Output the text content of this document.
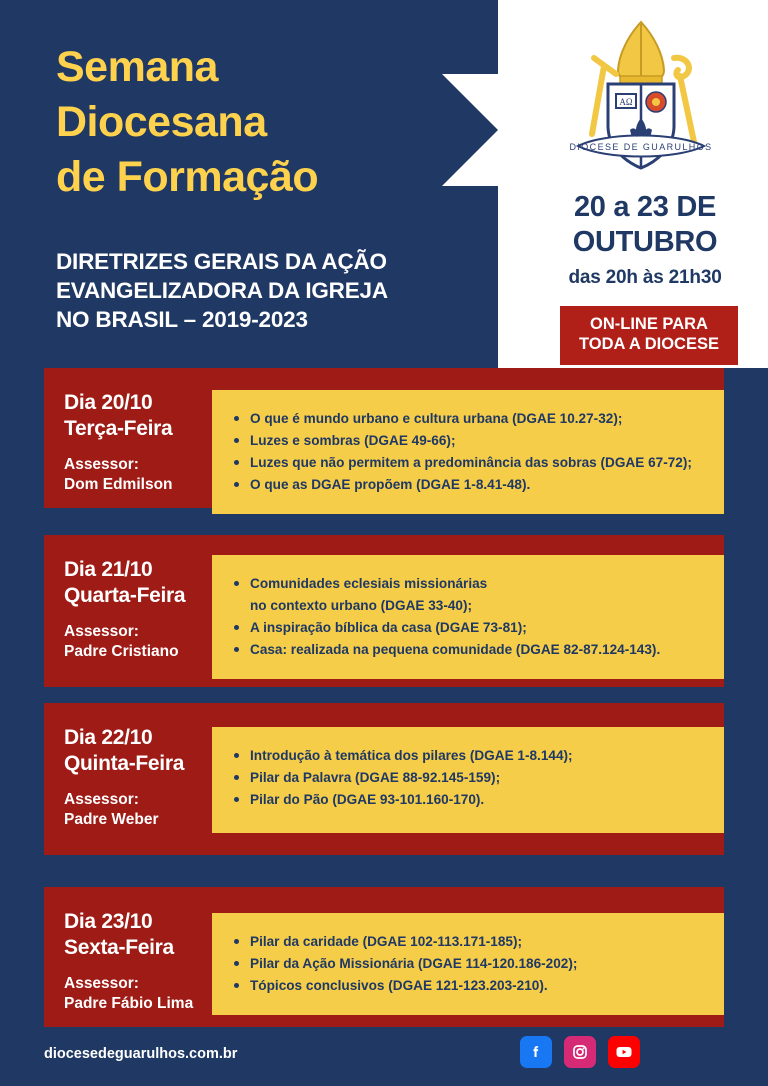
Semana
Diocesana
de Formação
DIRETRIZES GERAIS DA AÇÃO
EVANGELIZADORA DA IGREJA
NO BRASIL – 2019-2023
AΩ
DIOCESE DE GUARULHOS
20 a 23 DE
OUTUBRO
das 20h às 21h30
ON-LINE PARA
TODA A DIOCESE
Dia 20/10
Terça-Feira
Assessor:
Dom Edmilson
O que é mundo urbano e cultura urbana (DGAE 10.27-32);
Luzes e sombras (DGAE 49-66);
Luzes que não permitem a predominância das sobras (DGAE 67-72);
O que as DGAE propõem (DGAE 1-8.41-48).
Dia 21/10
Quarta-Feira
Assessor:
Padre Cristiano
Comunidades eclesiais missionárias
no contexto urbano (DGAE 33-40);
A inspiração bíblica da casa (DGAE 73-81);
Casa: realizada na pequena comunidade (DGAE 82-87.124-143).
Dia 22/10
Quinta-Feira
Assessor:
Padre Weber
Introdução à temática dos pilares (DGAE 1-8.144);
Pilar da Palavra (DGAE 88-92.145-159);
Pilar do Pão (DGAE 93-101.160-170).
Dia 23/10
Sexta-Feira
Assessor:
Padre Fábio Lima
Pilar da caridade (DGAE 102-113.171-185);
Pilar da Ação Missionária (DGAE 114-120.186-202);
Tópicos conclusivos (DGAE 121-123.203-210).
diocesedeguarulhos.com.br
